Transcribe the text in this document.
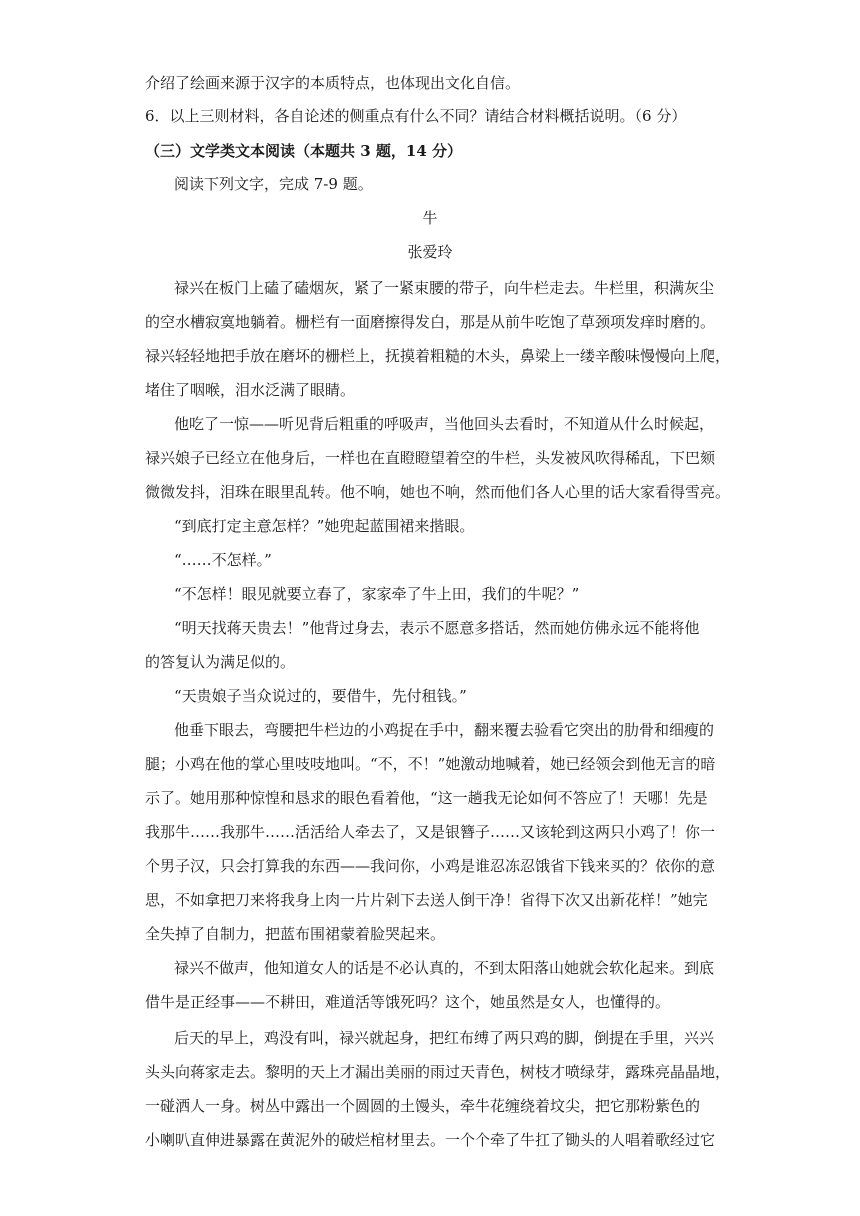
介绍了绘画来源于汉字的本质特点，也体现出文化自信。
6．以上三则材料，各自论述的侧重点有什么不同？请结合材料概括说明。（6 分）
（三）文学类文本阅读（本题共 3 题，14 分）
阅读下列文字，完成 7-9 题。
牛
张爱玲
禄兴在板门上磕了磕烟灰，紧了一紧束腰的带子，向牛栏走去。牛栏里，积满灰尘
的空水槽寂寞地躺着。栅栏有一面磨擦得发白，那是从前牛吃饱了草颈项发痒时磨的。
禄兴轻轻地把手放在磨坏的栅栏上，抚摸着粗糙的木头，鼻梁上一缕辛酸味慢慢向上爬，
堵住了咽喉，泪水泛满了眼睛。
他吃了一惊——听见背后粗重的呼吸声，当他回头去看时，不知道从什么时候起，
禄兴娘子已经立在他身后，一样也在直瞪瞪望着空的牛栏，头发被风吹得稀乱，下巴颏
微微发抖，泪珠在眼里乱转。他不响，她也不响，然而他们各人心里的话大家看得雪亮。
“到底打定主意怎样？”她兜起蓝围裙来揩眼。
“……不怎样。”
“不怎样！眼见就要立春了，家家牵了牛上田，我们的牛呢？”
“明天找蒋天贵去！”他背过身去，表示不愿意多搭话，然而她仿佛永远不能将他
的答复认为满足似的。
“天贵娘子当众说过的，要借牛，先付租钱。”
他垂下眼去，弯腰把牛栏边的小鸡捉在手中，翻来覆去验看它突出的肋骨和细瘦的
腿；小鸡在他的掌心里吱吱地叫。“不，不！”她激动地喊着，她已经领会到他无言的暗
示了。她用那种惊惶和恳求的眼色看着他，“这一趟我无论如何不答应了！天哪！先是
我那牛……我那牛……活活给人牵去了，又是银簪子……又该轮到这两只小鸡了！你一
个男子汉，只会打算我的东西——我问你，小鸡是谁忍冻忍饿省下钱来买的？依你的意
思，不如拿把刀来将我身上肉一片片剁下去送人倒干净！省得下次又出新花样！”她完
全失掉了自制力，把蓝布围裙蒙着脸哭起来。
禄兴不做声，他知道女人的话是不必认真的，不到太阳落山她就会软化起来。到底
借牛是正经事——不耕田，难道活等饿死吗？这个，她虽然是女人，也懂得的。
后天的早上，鸡没有叫，禄兴就起身，把红布缚了两只鸡的脚，倒提在手里，兴兴
头头向蒋家走去。黎明的天上才漏出美丽的雨过天青色，树枝才喷绿芽，露珠亮晶晶地，
一碰洒人一身。树丛中露出一个圆圆的土馒头，牵牛花缠绕着坟尖，把它那粉紫色的
小喇叭直伸进暴露在黄泥外的破烂棺材里去。一个个牵了牛扛了锄头的人唱着歌经过它
